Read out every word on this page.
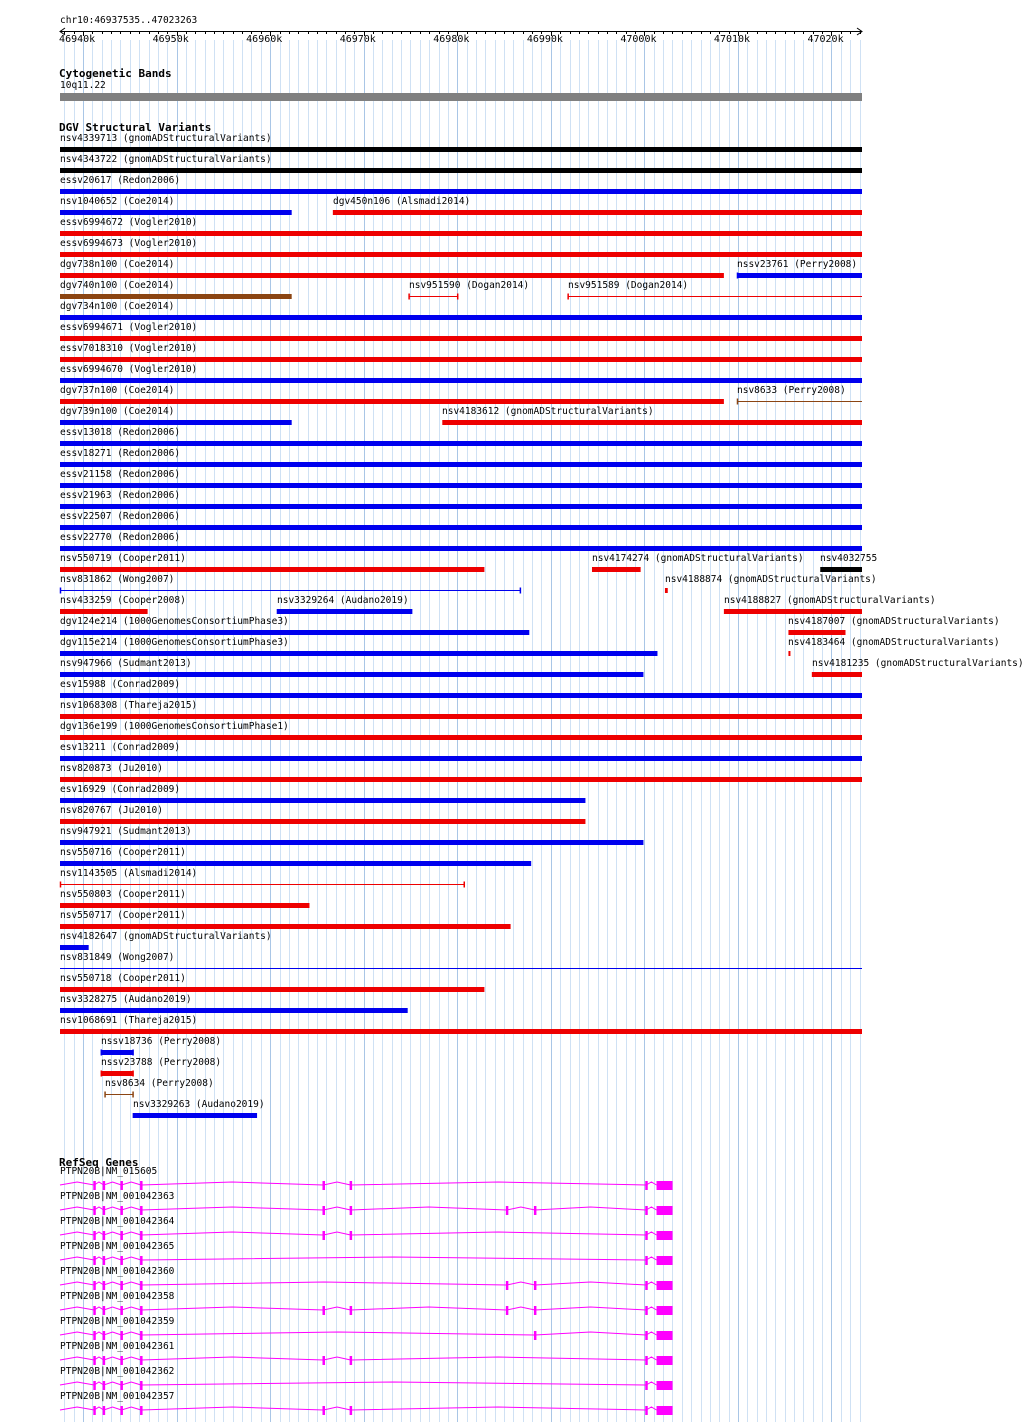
chr10:46937535..47023263
46940k	46950k	46960k	46970k	46980k	46990k	47000k	47010k	47020k
Cytogenetic Bands
10q11.22
DGV Structural Variants
nsv4339713 (gnomADStructuralVariants)
nsv4343722 (gnomADStructuralVariants)
essv20617 (Redon2006)
nsv1040652 (Coe2014)	dgv450n106 (Alsmadi2014)
essv6994672 (Vogler2010)
essv6994673 (Vogler2010)
dgv738n100 (Coe2014)	nssv23761 (Perry2008)
dgv740n100 (Coe2014)	nsv951590 (Dogan2014)	nsv951589 (Dogan2014)
dgv734n100 (Coe2014)
essv6994671 (Vogler2010)
essv7018310 (Vogler2010)
essv6994670 (Vogler2010)
dgv737n100 (Coe2014)	nsv8633 (Perry2008)
dgv739n100 (Coe2014)	nsv4183612 (gnomADStructuralVariants)
essv13018 (Redon2006)
essv18271 (Redon2006)
essv21158 (Redon2006)
essv21963 (Redon2006)
essv22507 (Redon2006)
essv22770 (Redon2006)
nsv550719 (Cooper2011)	nsv4174274 (gnomADStructuralVariants) nsv4032755
nsv831862 (Wong2007)	nsv4188874 (gnomADStructuralVariants)
nsv433259 (Cooper2008)	nsv3329264 (Audano2019)	nsv4188827 (gnomADStructuralVariants)
dgv124e214 (1000GenomesConsortiumPhase3)	nsv4187007 (gnomADStructuralVariants)
dgv115e214 (1000GenomesConsortiumPhase3)	nsv4183464 (gnomADStructuralVariants)
nsv947966 (Sudmant2013)	nsv4181235 (gnomADStructuralVariants)
esv15988 (Conrad2009)
nsv1068308 (Thareja2015)
dgv136e199 (1000GenomesConsortiumPhase1)
esv13211 (Conrad2009)
nsv820873 (Ju2010)
esv16929 (Conrad2009)
nsv820767 (Ju2010)
nsv947921 (Sudmant2013)
nsv550716 (Cooper2011)
nsv1143505 (Alsmadi2014)
nsv550803 (Cooper2011)
nsv550717 (Cooper2011)
nsv4182647 (gnomADStructuralVariants)
nsv831849 (Wong2007)
nsv550718 (Cooper2011)
nsv3328275 (Audano2019)
nsv1068691 (Thareja2015)
nssv18736 (Perry2008)
nssv23788 (Perry2008)
nsv8634 (Perry2008)
nsv3329263 (Audano2019)
RefSeq Genes
PTPN20B|NM_015605
PTPN20B|NM_001042363
PTPN20B|NM_001042364
PTPN20B|NM_001042365
PTPN20B|NM_001042360
PTPN20B|NM_001042358
PTPN20B|NM_001042359
PTPN20B|NM_001042361
PTPN20B|NM_001042362
PTPN20B|NM_001042357
